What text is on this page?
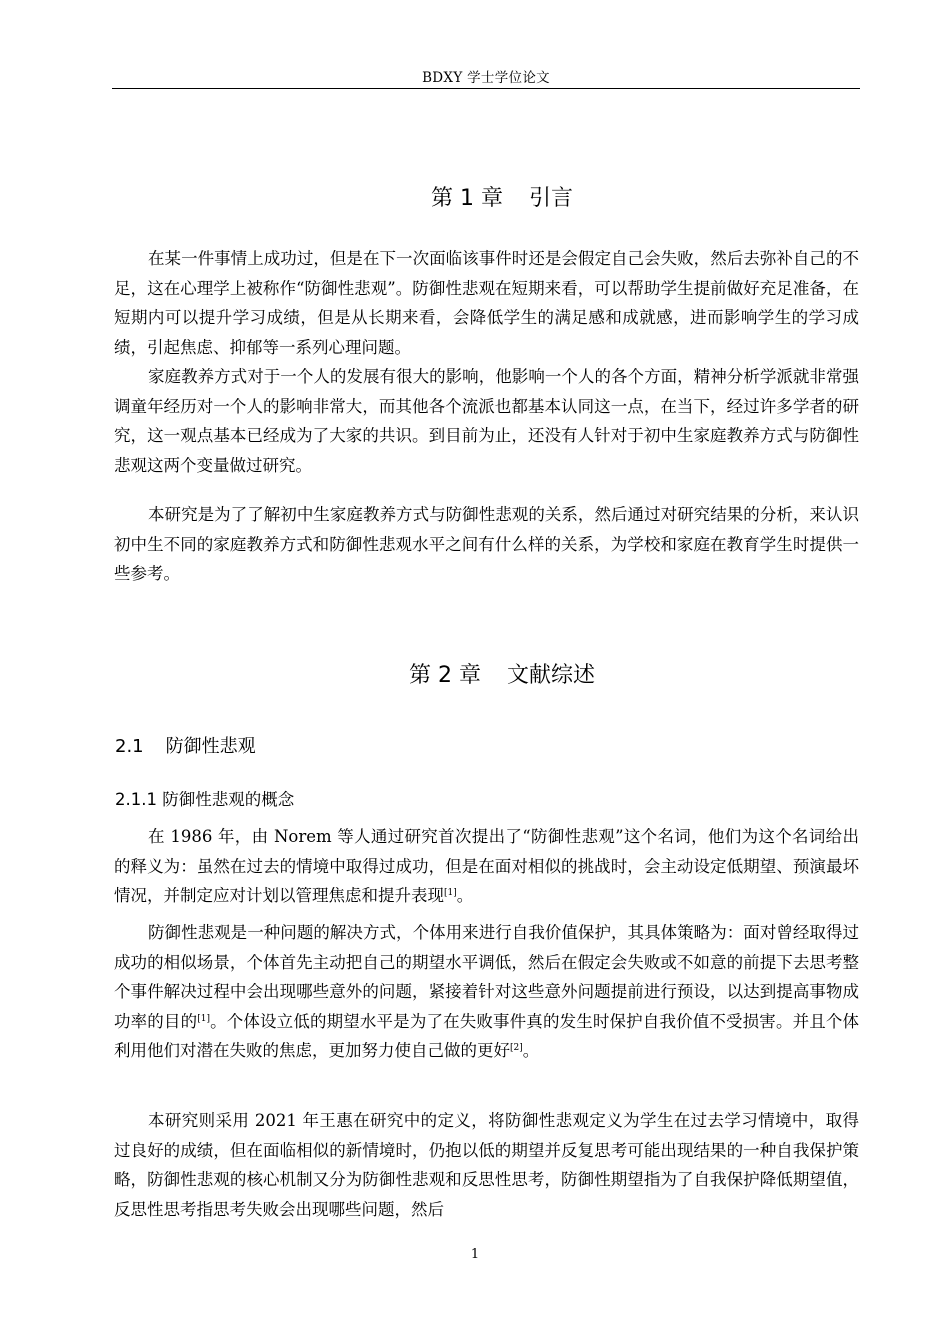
BDXY 学士学位论文
第 1 章 引言

在某一件事情上成功过，但是在下一次面临该事件时还是会假定自己会失败，然后去弥补自己的不足，这在心理学上被称作“防御性悲观”。防御性悲观在短期来看，可以帮助学生提前做好充足准备，在短期内可以提升学习成绩，但是从长期来看，会降低学生的满足感和成就感，进而影响学生的学习成绩，引起焦虑、抑郁等一系列心理问题。

家庭教养方式对于一个人的发展有很大的影响，他影响一个人的各个方面，精神分析学派就非常强调童年经历对一个人的影响非常大，而其他各个流派也都基本认同这一点，在当下，经过许多学者的研究，这一观点基本已经成为了大家的共识。到目前为止，还没有人针对于初中生家庭教养方式与防御性悲观这两个变量做过研究。

本研究是为了了解初中生家庭教养方式与防御性悲观的关系，然后通过对研究结果的分析，来认识初中生不同的家庭教养方式和防御性悲观水平之间有什么样的关系，为学校和家庭在教育学生时提供一些参考。

第 2 章 文献综述
2.1 防御性悲观
2.1.1 防御性悲观的概念

在 1986 年，由 Norem 等人通过研究首次提出了“防御性悲观”这个名词，他们为这个名词给出的释义为：虽然在过去的情境中取得过成功，但是在面对相似的挑战时，会主动设定低期望、预演最坏情况，并制定应对计划以管理焦虑和提升表现[1]。

防御性悲观是一种问题的解决方式，个体用来进行自我价值保护，其具体策略为：面对曾经取得过成功的相似场景，个体首先主动把自己的期望水平调低，然后在假定会失败或不如意的前提下去思考整个事件解决过程中会出现哪些意外的问题，紧接着针对这些意外问题提前进行预设，以达到提高事物成功率的目的[1]。个体设立低的期望水平是为了在失败事件真的发生时保护自我价值不受损害。并且个体利用他们对潜在失败的焦虑，更加努力使自己做的更好[2]。

本研究则采用 2021 年王惠在研究中的定义，将防御性悲观定义为学生在过去学习情境中，取得过良好的成绩，但在面临相似的新情境时，仍抱以低的期望并反复思考可能出现结果的一种自我保护策略，防御性悲观的核心机制又分为防御性悲观和反思性思考，防御性期望指为了自我保护降低期望值，反思性思考指思考失败会出现哪些问题，然后

1
